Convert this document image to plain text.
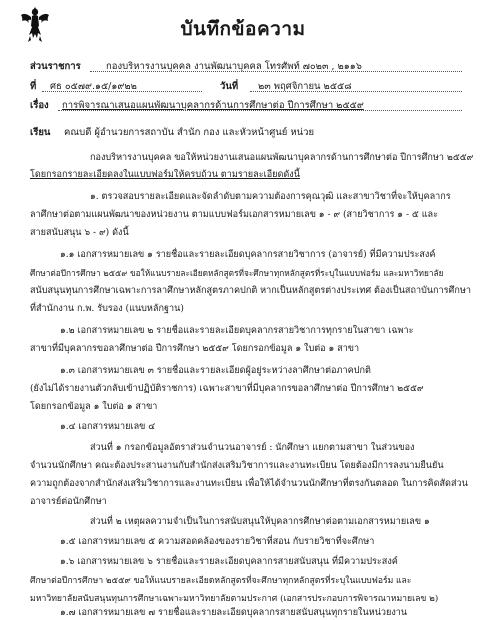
บันทึกข้อความ
ส่วนราชการ	กองบริหารงานบุคคล งานพัฒนาบุคคล โทรศัพท์ ๗๐๒๓ , ๒๑๑๖
ที่ ศธ ๐๕๗๙.๑๕/๑๙๒๒	วันที่ ๒๓ พฤศจิกายน ๒๕๕๘
เรื่อง การพิจารณาเสนอแผนพัฒนาบุคลากรด้านการศึกษาต่อ ปีการศึกษา ๒๕๕๙
เรียน คณบดี ผู้อำนวยการสถาบัน สำนัก กอง และหัวหน้าศูนย์ หน่วย
กองบริหารงานบุคคล ขอให้หน่วยงานเสนอแผนพัฒนาบุคลากรด้านการศึกษาต่อ ปีการศึกษา ๒๕๕๙
โดยกรอกรายละเอียดลงในแบบฟอร์มให้ครบถ้วน ตามรายละเอียดดังนี้
๑. ตรวจสอบรายละเอียดและจัดลำดับตามความต้องการคุณวุฒิ และสาขาวิชาที่จะให้บุคลากร
ลาศึกษาต่อตามแผนพัฒนาของหน่วยงาน ตามแบบฟอร์มเอกสารหมายเลข ๑ - ๙ (สายวิชาการ ๑ - ๕ และ
สายสนับสนุน ๖ - ๙) ดังนี้
๑.๑ เอกสารหมายเลข ๑ รายชื่อและรายละเอียดบุคลากรสายวิชาการ (อาจารย์) ที่มีความประสงค์
ศึกษาต่อปีการศึกษา ๒๕๕๙ ขอให้แนบรายละเอียดหลักสูตรที่จะศึกษาทุกหลักสูตรที่ระบุในแบบฟอร์ม และมหาวิทยาลัย
สนับสนุนทุนการศึกษาเฉพาะการลาศึกษาหลักสูตรภาคปกติ หากเป็นหลักสูตรต่างประเทศ ต้องเป็นสถาบันการศึกษา
ที่สำนักงาน ก.พ. รับรอง (แนบหลักฐาน)
๑.๒ เอกสารหมายเลข ๒ รายชื่อและรายละเอียดบุคลากรสายวิชาการทุกรายในสาขา เฉพาะ
สาขาที่มีบุคลากรขอลาศึกษาต่อ ปีการศึกษา ๒๕๕๙ โดยกรอกข้อมูล ๑ ใบต่อ ๑ สาขา
๑.๓ เอกสารหมายเลข ๓ รายชื่อและรายละเอียดผู้อยู่ระหว่างลาศึกษาต่อภาคปกติ
(ยังไม่ได้รายงานตัวกลับเข้าปฏิบัติราชการ) เฉพาะสาขาที่มีบุคลากรขอลาศึกษาต่อ ปีการศึกษา ๒๕๕๙
โดยกรอกข้อมูล ๑ ใบต่อ ๑ สาขา
๑.๔ เอกสารหมายเลข ๔
ส่วนที่ ๑ กรอกข้อมูลอัตราส่วนจำนวนอาจารย์ : นักศึกษา แยกตามสาขา ในส่วนของ
จำนวนนักศึกษา คณะต้องประสานงานกับสำนักส่งเสริมวิชาการและงานทะเบียน โดยต้องมีการลงนามยืนยัน
ความถูกต้องจากสำนักส่งเสริมวิชาการและงานทะเบียน เพื่อให้ได้จำนวนนักศึกษาที่ตรงกันตลอด ในการคิดสัดส่วน
อาจารย์ต่อนักศึกษา
ส่วนที่ ๒ เหตุผลความจำเป็นในการสนับสนุนให้บุคลากรศึกษาต่อตามเอกสารหมายเลข ๑
๑.๕ เอกสารหมายเลข ๕ ความสอดคล้องของรายวิชาที่สอน กับรายวิชาที่จะศึกษา
๑.๖ เอกสารหมายเลข ๖ รายชื่อและรายละเอียดบุคลากรสายสนับสนุน ที่มีความประสงค์
ศึกษาต่อปีการศึกษา ๒๕๕๙ ขอให้แนบรายละเอียดหลักสูตรที่จะศึกษาทุกหลักสูตรที่ระบุในแบบฟอร์ม และ
มหาวิทยาลัยสนับสนุนทุนการศึกษาเฉพาะมหาวิทยาลัยตามประกาศ (เอกสารประกอบการพิจารณาหมายเลข ๒)
๑.๗ เอกสารหมายเลข ๗ รายชื่อและรายละเอียดบุคลากรสายสนับสนุนทุกรายในหน่วยงาน
